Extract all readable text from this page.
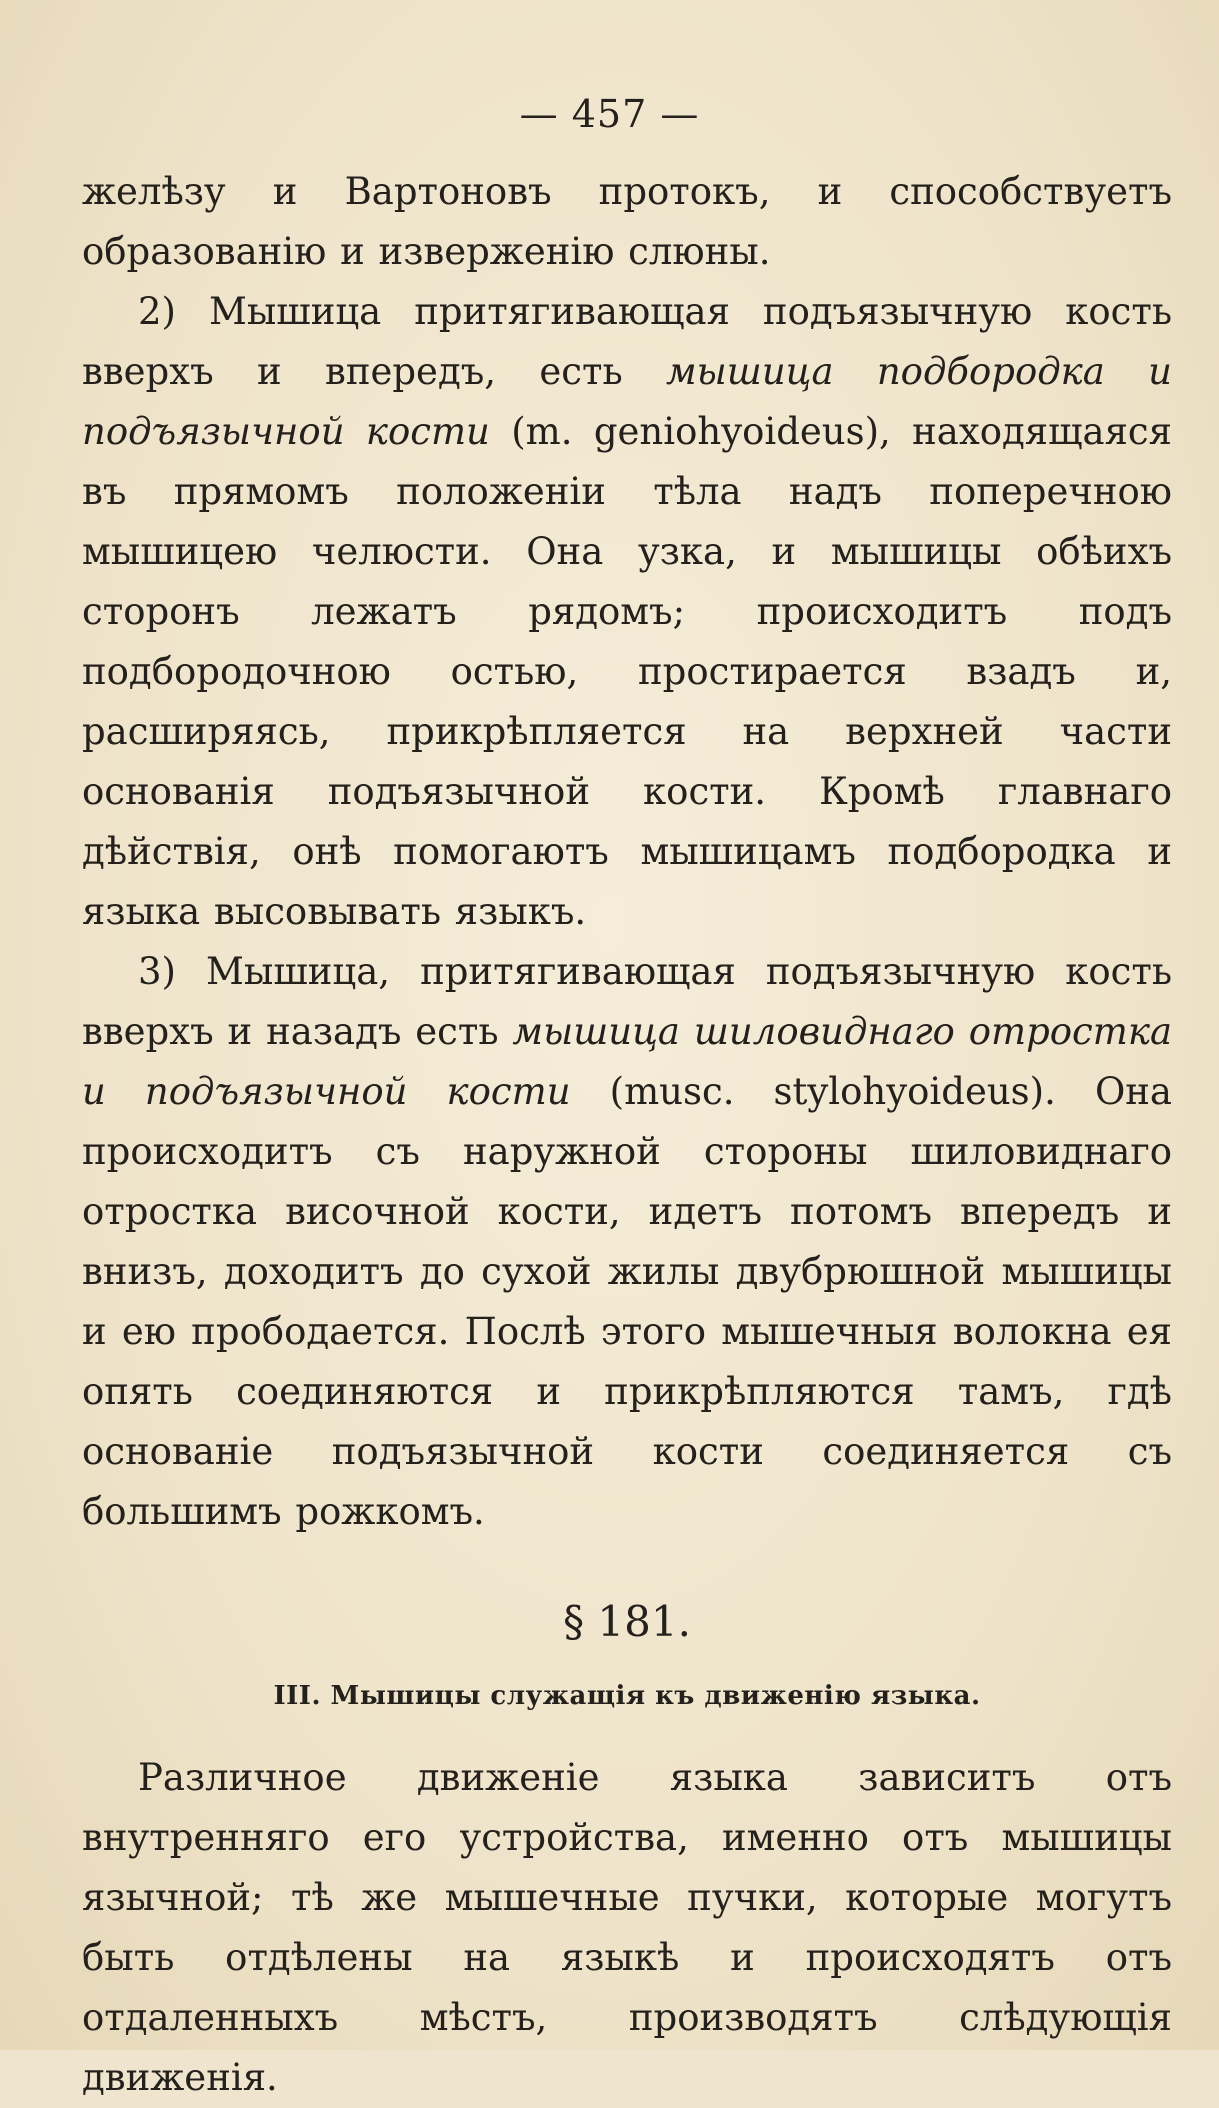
— 457 —

желѣзу и Вартоновъ протокъ, и способствуетъ образованію и изверженію слюны.

2) Мышица притягивающая подъязычную кость вверхъ и впередъ, есть мышица подбородка и подъязычной кости (m. geniohyoideus), находящаяся въ прямомъ положеніи тѣла надъ поперечною мышицею челюсти. Она узка, и мышицы обѣихъ сторонъ лежатъ рядомъ; происходитъ подъ подбородочною остью, простирается взадъ и, расширяясь, прикрѣпляется на верхней части основанія подъязычной кости. Кромѣ главнаго дѣйствія, онѣ помогаютъ мышицамъ подбородка и языка высовывать языкъ.

3) Мышица, притягивающая подъязычную кость вверхъ и назадъ есть мышица шиловиднаго отростка и подъязычной кости (musc. stylohyoideus). Она происходитъ съ наружной стороны шиловиднаго отростка височной кости, идетъ потомъ впередъ и внизъ, доходитъ до сухой жилы двубрюшной мышицы и ею прободается. Послѣ этого мышечныя волокна ея опять соединяются и прикрѣпляются тамъ, гдѣ основаніе подъязычной кости соединяется съ большимъ рожкомъ.

§ 181.
III. Мышицы служащія къ движенію языка.

Различное движеніе языка зависитъ отъ внутренняго его устройства, именно отъ мышицы язычной; тѣ же мышечные пучки, которые могутъ быть отдѣлены на языкѣ и происходятъ отъ отдаленныхъ мѣстъ, производятъ слѣдующія движенія.
